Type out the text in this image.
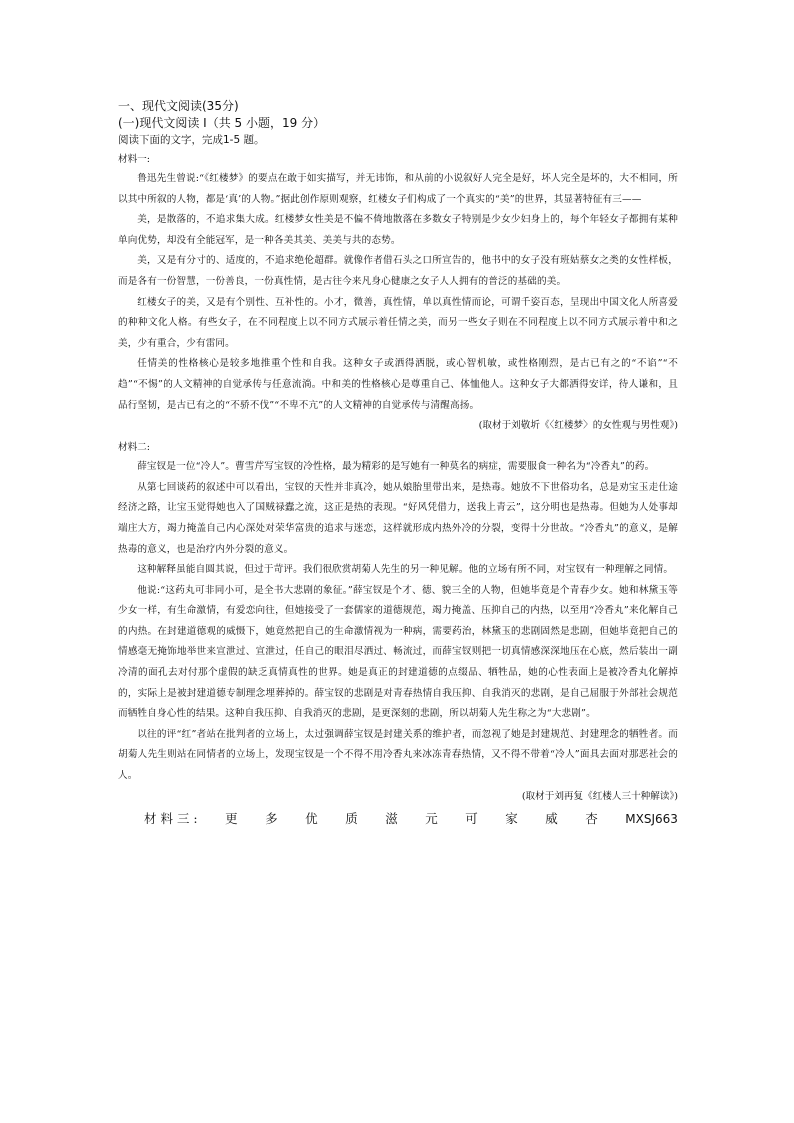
一、现代文阅读(35分)

(一)现代文阅读 I（共 5 小题，19 分）

阅读下面的文字，完成1-5 题。

材料一:

鲁迅先生曾说:“《红楼梦》的要点在敢于如实描写，并无讳饰，和从前的小说叙好人完全是好，坏人完全是坏的，大不相同，所以其中所叙的人物，都是‘真’的人物。”据此创作原则观察，红楼女子们构成了一个真实的“美”的世界，其显著特征有三——

美，是散落的，不追求集大成。红楼梦女性美是不偏不倚地散落在多数女子特别是少女少妇身上的，每个年轻女子都拥有某种单向优势，却没有全能冠军，是一种各美其美、美美与共的态势。

美，又是有分寸的、适度的，不追求绝伦超群。就像作者借石头之口所宣告的，他书中的女子没有班姑蔡女之类的女性样板，而是各有一份智慧，一份善良，一份真性情，是古往今来凡身心健康之女子人人拥有的普泛的基础的美。

红楼女子的美，又是有个别性、互补性的。小才，微善，真性情，单以真性情而论，可谓千姿百态，呈现出中国文化人所喜爱的种种文化人格。有些女子，在不同程度上以不同方式展示着任情之美，而另一些女子则在不同程度上以不同方式展示着中和之美，少有重合，少有雷同。

任情美的性格核心是较多地推重个性和自我。这种女子或洒得洒脱，或心智机敏，或性格刚烈，是古已有之的“不谄”“不趋”“不惕”的人文精神的自觉承传与任意流淌。中和美的性格核心是尊重自己、体恤他人。这种女子大都洒得安详，待人谦和，且品行坚韧，是古已有之的“不骄不伐”“不卑不亢”的人文精神的自觉承传与清醒高扬。

(取材于刘敬圻《〈红楼梦〉的女性观与男性观》)

材料二:

薛宝钗是一位“冷人”。曹雪芹写宝钗的冷性格，最为精彩的是写她有一种莫名的病症，需要服食一种名为“冷香丸”的药。

从第七回谈药的叙述中可以看出，宝钗的天性并非真冷，她从娘胎里带出来，是热毒。她放不下世俗功名，总是劝宝玉走仕途经济之路，让宝玉觉得她也入了国贼禄蠹之流，这正是热的表现。“好风凭借力，送我上青云”，这分明也是热毒。但她为人处事却端庄大方，竭力掩盖自己内心深处对荣华富贵的追求与迷恋，这样就形成内热外冷的分裂，变得十分世故。“冷香丸”的意义，是解热毒的意义，也是治疗内外分裂的意义。

这种解释虽能自圆其说，但过于苛评。我们很欣赏胡菊人先生的另一种见解。他的立场有所不同，对宝钗有一种理解之同情。

他说:“这药丸可非同小可，是全书大悲剧的象征。”薛宝钗是个才、德、貌三全的人物，但她毕竟是个青春少女。她和林黛玉等少女一样，有生命激情，有爱恋向往，但她接受了一套儒家的道德规范，竭力掩盖、压抑自己的内热，以至用“冷香丸”来化解自己的内热。在封建道德观的威慑下，她竟然把自己的生命激情视为一种病，需要药治，林黛玉的悲剧固然是悲剧，但她毕竟把自己的情感毫无掩饰地举世来宣泄过、宣泄过，任自己的眼泪尽洒过、畅流过，而薛宝钗则把一切真情感深深地压在心底，然后装出一副冷清的面孔去对付那个虚假的缺乏真情真性的世界。她是真正的封建道德的点缀品、牺牲品，她的心性表面上是被冷香丸化解掉的，实际上是被封建道德专制理念埋葬掉的。薛宝钗的悲剧是对青春热情自我压抑、自我消灭的悲剧，是自己屈服于外部社会规范而牺牲自身心性的结果。这种自我压抑、自我消灭的悲剧，是更深刻的悲剧，所以胡菊人先生称之为“大悲剧”。

以往的评“红”者站在批判者的立场上，太过强调薛宝钗是封建关系的维护者，而忽视了她是封建规范、封建理念的牺牲者。而胡菊人先生则站在同情者的立场上，发现宝钗是一个不得不用冷香丸来冰冻青春热情，又不得不带着“冷人”面具去面对那恶社会的人。

(取材于刘再复《红楼人三十种解读》)

材 料 三 : 更 多 优 质 滋 元 可 家 威 杏 MXSJ663
